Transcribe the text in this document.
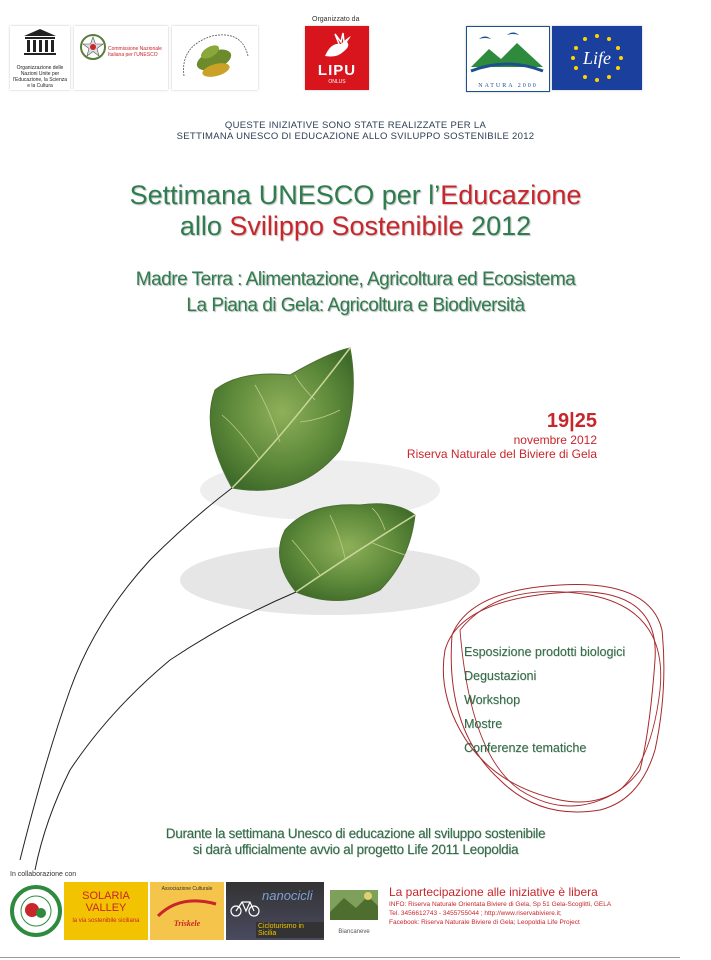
Organizzazione delle Nazioni Unite per l'Educazione, la Scienza e la Cultura
Commissione Nazionale Italiana per l'UNESCO
Organizzato da
LIPU
ONLUS
NATURA 2000
Life
QUESTE INIZIATIVE SONO STATE REALIZZATE PER LA
SETTIMANA UNESCO DI EDUCAZIONE ALLO SVILUPPO SOSTENIBILE 2012
Settimana UNESCO per l’Educazione
allo Svilippo Sostenibile 2012
Madre Terra : Alimentazione, Agricoltura ed Ecosistema
La Piana di Gela: Agricoltura e Biodiversità
19|25
novembre 2012
Riserva Naturale del Biviere di Gela
Esposizione prodotti biologici
Degustazioni
Workshop
Mostre
Conferenze tematiche
Durante la settimana Unesco di educazione all sviluppo sostenibile
si darà ufficialmente avvio al progetto Life 2011 Leopoldia
In collaborazione con
SOLARIA
VALLEY
la via sostenibile siciliana
Associazione Culturale
Triskele
nanocicli
Cicloturismo in Sicilia	Biancaneve
La partecipazione alle iniziative è libera
INFO: Riserva Naturale Orientata Biviere di Gela, Sp 51 Gela-Scoglitti, GELA
Tel. 3456612743 - 3455755044 ; http://www.riservabiviere.it;
Facebook: Riserva Naturale Biviere di Gela; Leopoldia Life Project
